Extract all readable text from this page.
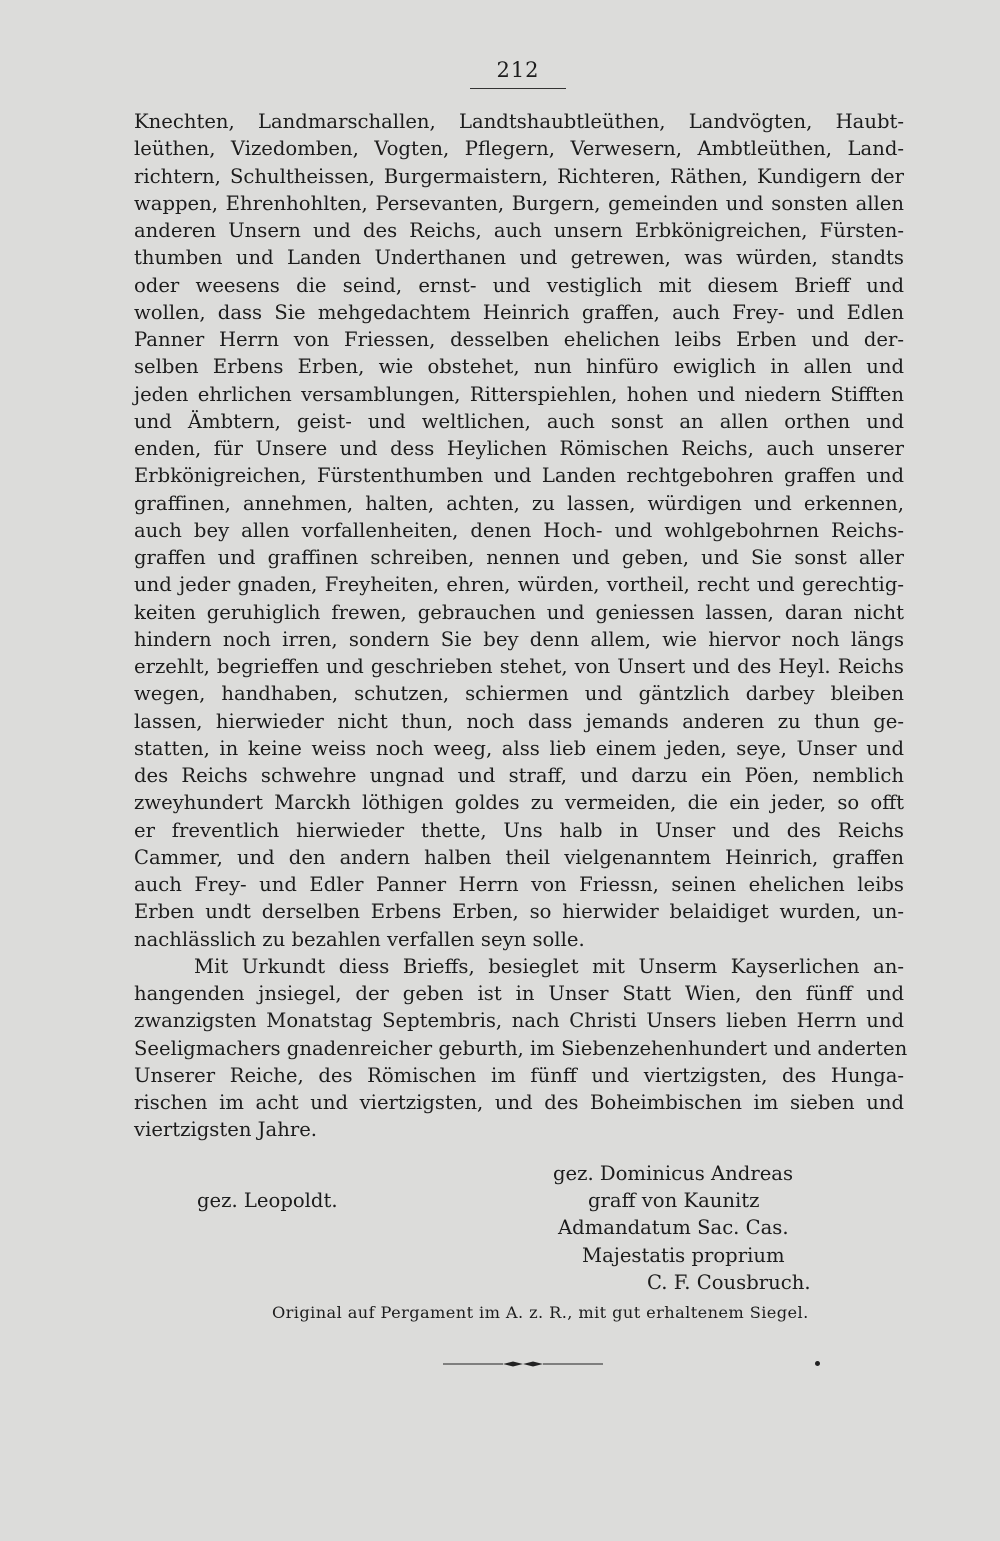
212
Knechten, Landmarschallen, Landtshaubtleüthen, Landvögten, Haubt-
leüthen, Vizedomben, Vogten, Pflegern, Verwesern, Ambtleüthen, Land-
richtern, Schultheissen, Burgermaistern, Richteren, Räthen, Kundigern der
wappen, Ehrenhohlten, Persevanten, Burgern, gemeinden und sonsten allen
anderen Unsern und des Reichs, auch unsern Erbkönigreichen, Fürsten-
thumben und Landen Underthanen und getrewen, was würden, standts
oder weesens die seind, ernst- und vestiglich mit diesem Brieff und
wollen, dass Sie mehgedachtem Heinrich graffen, auch Frey- und Edlen
Panner Herrn von Friessen, desselben ehelichen leibs Erben und der-
selben Erbens Erben, wie obstehet, nun hinfüro ewiglich in allen und
jeden ehrlichen versamblungen, Ritterspiehlen, hohen und niedern Stifften
und Ämbtern, geist- und weltlichen, auch sonst an allen orthen und
enden, für Unsere und dess Heylichen Römischen Reichs, auch unserer
Erbkönigreichen, Fürstenthumben und Landen rechtgebohren graffen und
graffinen, annehmen, halten, achten, zu lassen, würdigen und erkennen,
auch bey allen vorfallenheiten, denen Hoch- und wohlgebohrnen Reichs-
graffen und graffinen schreiben, nennen und geben, und Sie sonst aller
und jeder gnaden, Freyheiten, ehren, würden, vortheil, recht und gerechtig-
keiten geruhiglich frewen, gebrauchen und geniessen lassen, daran nicht
hindern noch irren, sondern Sie bey denn allem, wie hiervor noch längs
erzehlt, begrieffen und geschrieben stehet, von Unsert und des Heyl. Reichs
wegen, handhaben, schutzen, schiermen und gäntzlich darbey bleiben
lassen, hierwieder nicht thun, noch dass jemands anderen zu thun ge-
statten, in keine weiss noch weeg, alss lieb einem jeden, seye, Unser und
des Reichs schwehre ungnad und straff, und darzu ein Pöen, nemblich
zweyhundert Marckh löthigen goldes zu vermeiden, die ein jeder, so offt
er freventlich hierwieder thette, Uns halb in Unser und des Reichs
Cammer, und den andern halben theil vielgenanntem Heinrich, graffen
auch Frey- und Edler Panner Herrn von Friessn, seinen ehelichen leibs
Erben undt derselben Erbens Erben, so hierwider belaidiget wurden, un-
nachlässlich zu bezahlen verfallen seyn solle.
Mit Urkundt diess Brieffs, besieglet mit Unserm Kayserlichen an-
hangenden jnsiegel, der geben ist in Unser Statt Wien, den fünff und
zwanzigsten Monatstag Septembris, nach Christi Unsers lieben Herrn und
Seeligmachers gnadenreicher geburth, im Siebenzehenhundert und anderten
Unserer Reiche, des Römischen im fünff und viertzigsten, des Hunga-
rischen im acht und viertzigsten, und des Boheimbischen im sieben und
viertzigsten Jahre.
gez. Leopoldt.
gez. Dominicus Andreas
graff von Kaunitz
Admandatum Sac. Cas.
Majestatis proprium
C. F. Cousbruch.
Original auf Pergament im A. z. R., mit gut erhaltenem Siegel.
